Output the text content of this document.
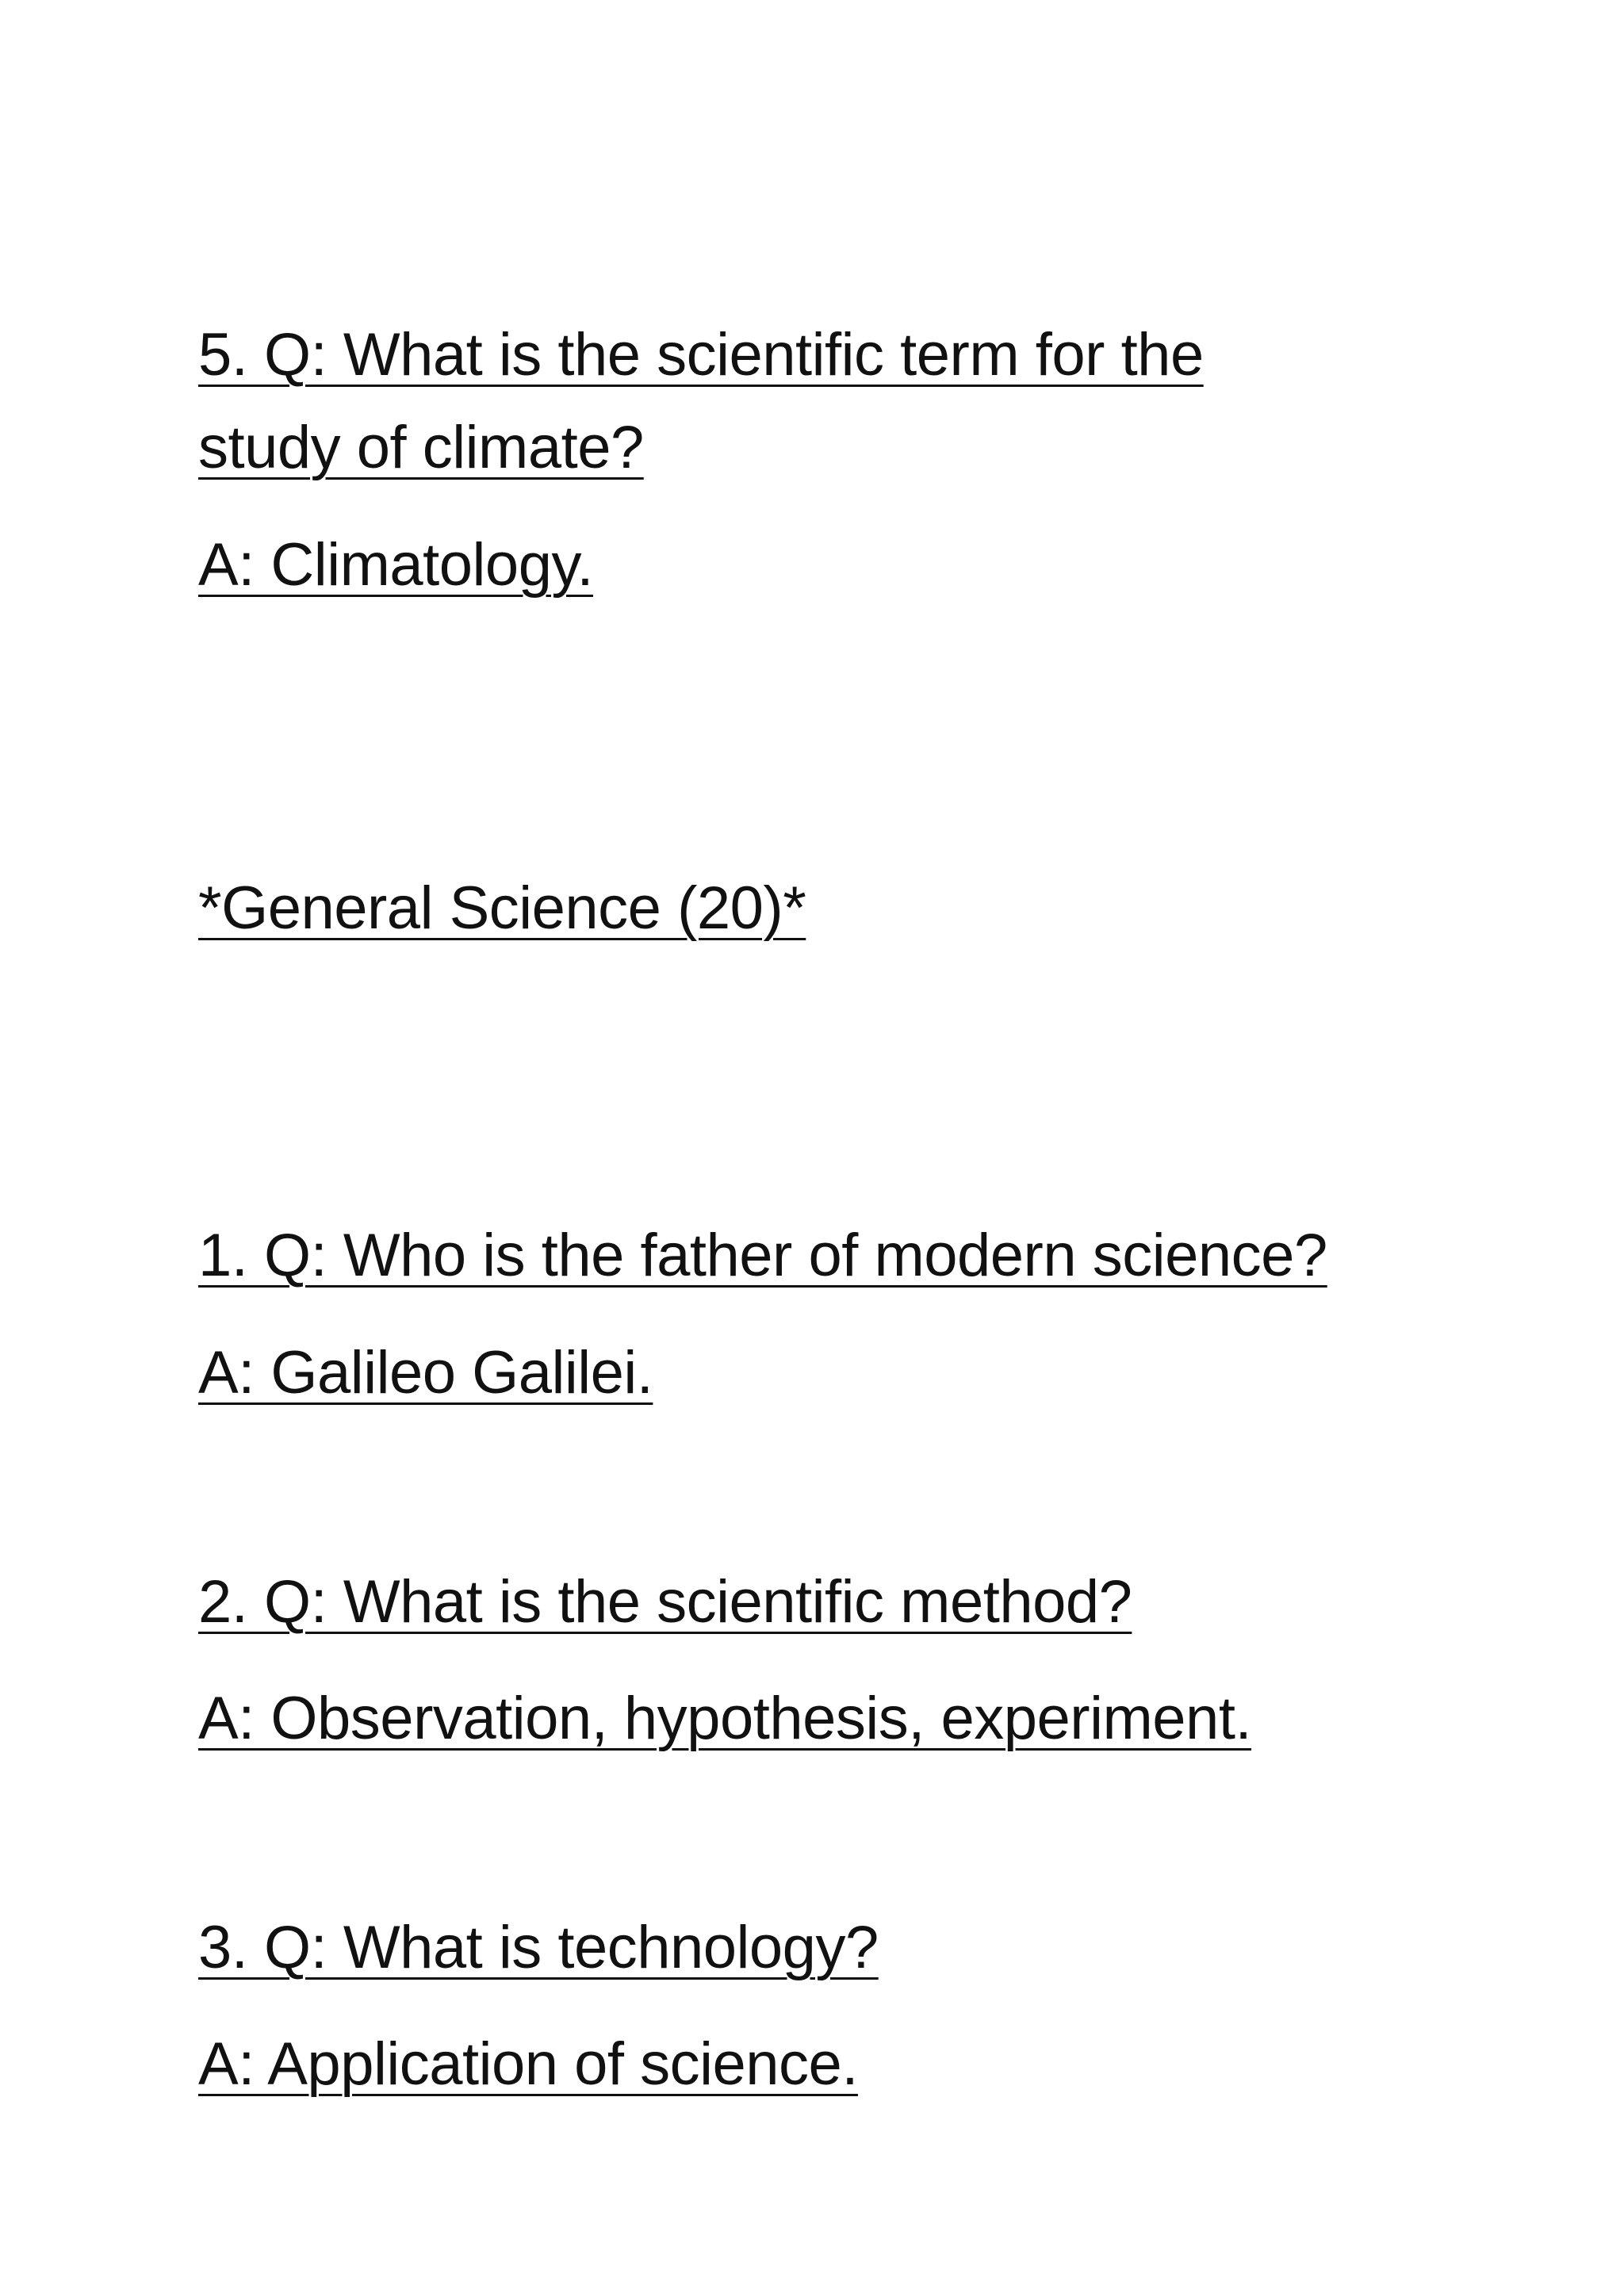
5. Q: What is the scientific term for the

study of climate?

A: Climatology.

*General Science (20)*

1. Q: Who is the father of modern science?

A: Galileo Galilei.

2. Q: What is the scientific method?

A: Observation, hypothesis, experiment.

3. Q: What is technology?

A: Application of science.
